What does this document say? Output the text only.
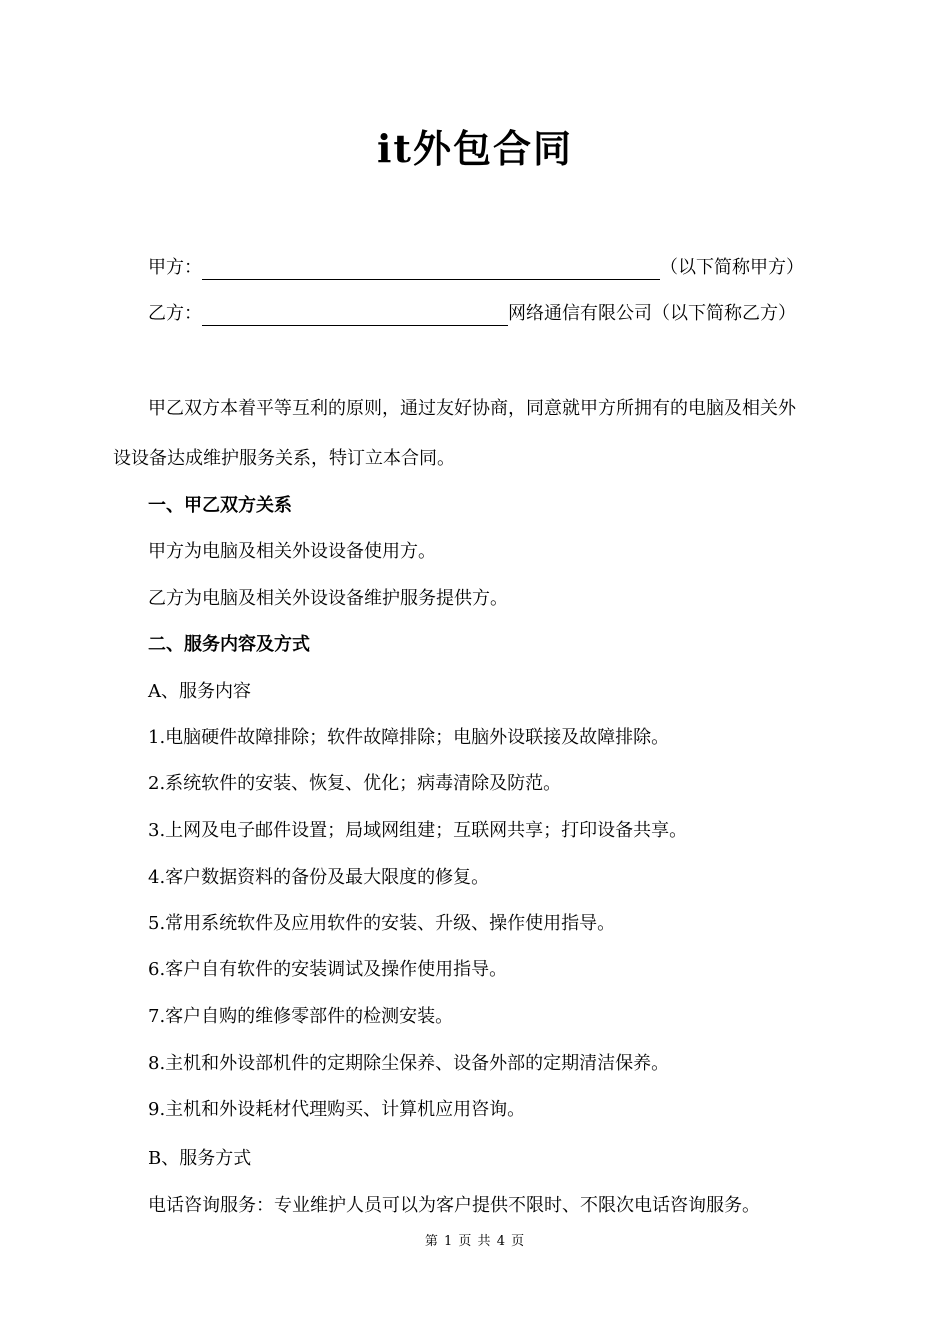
it外包合同
甲方：	（以下简称甲方）
乙方：	网络通信有限公司（以下简称乙方）
甲乙双方本着平等互利的原则，通过友好协商，同意就甲方所拥有的电脑及相关外
设设备达成维护服务关系，特订立本合同。
一、甲乙双方关系
甲方为电脑及相关外设设备使用方。
乙方为电脑及相关外设设备维护服务提供方。
二、服务内容及方式
A、服务内容
1.电脑硬件故障排除；软件故障排除；电脑外设联接及故障排除。
2.系统软件的安装、恢复、优化；病毒清除及防范。
3.上网及电子邮件设置；局域网组建；互联网共享；打印设备共享。
4.客户数据资料的备份及最大限度的修复。
5.常用系统软件及应用软件的安装、升级、操作使用指导。
6.客户自有软件的安装调试及操作使用指导。
7.客户自购的维修零部件的检测安装。
8.主机和外设部机件的定期除尘保养、设备外部的定期清洁保养。
9.主机和外设耗材代理购买、计算机应用咨询。
B、服务方式
电话咨询服务：专业维护人员可以为客户提供不限时、不限次电话咨询服务。
第 1 页 共 4 页
